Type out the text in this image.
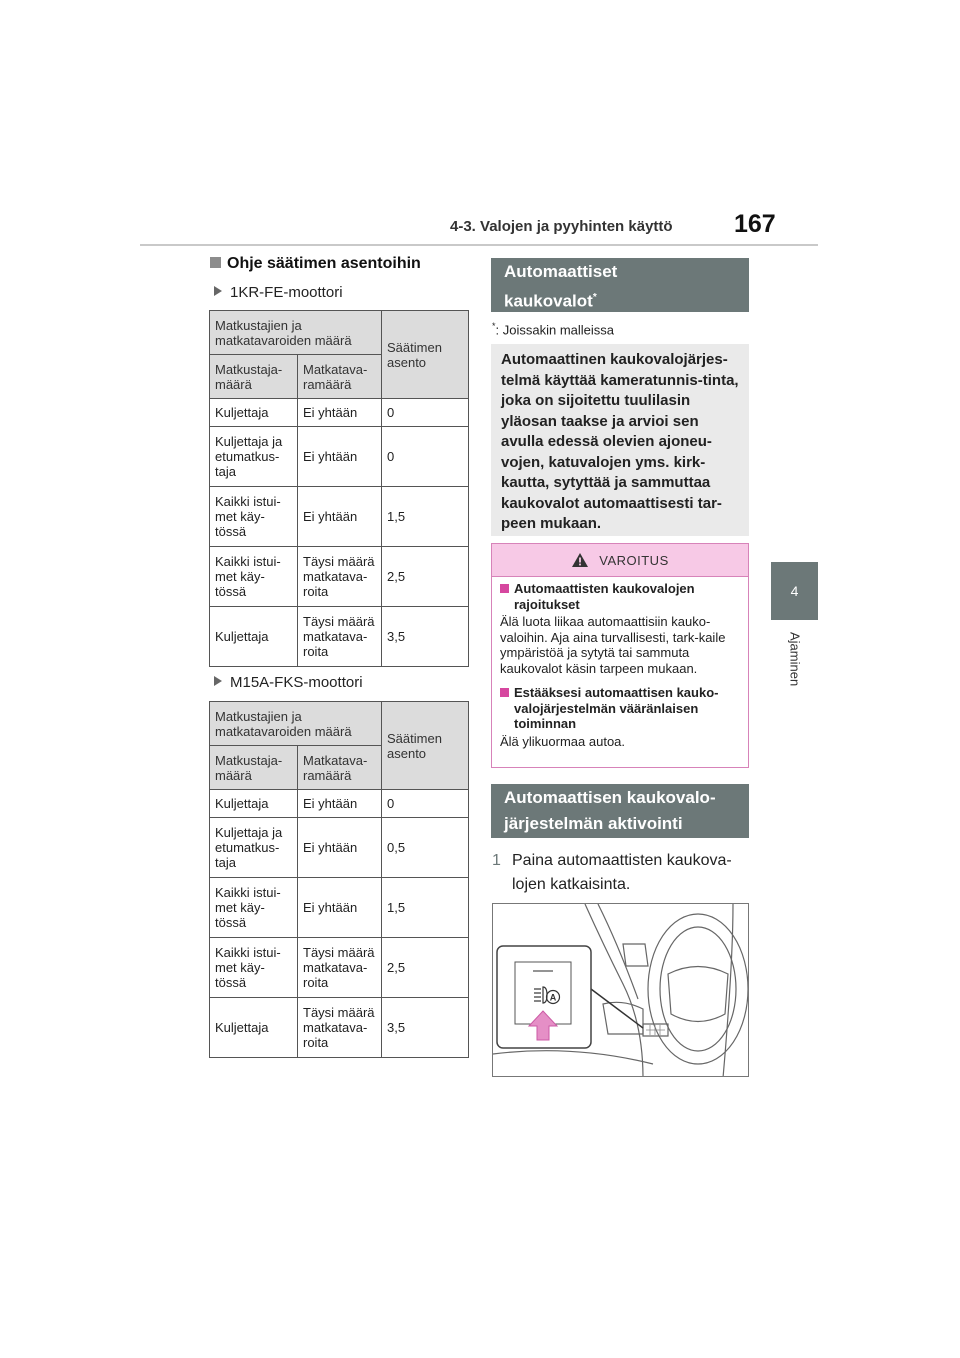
4-3. Valojen ja pyyhinten käyttö 167
4
Ajaminen
Ohje säätimen asentoihin
1KR-FE-moottori
Matkustajien ja matkatavaroiden määrä		Säätimen asento
Matkustaja-määrä	Matkatava-ramäärä	
Kuljettaja	Ei yhtään	0
Kuljettaja ja etumatkus-taja	Ei yhtään	0
Kaikki istui-met käy-tössä	Ei yhtään	1,5
Kaikki istui-met käy-tössä	Täysi määrä matkatava-roita	2,5
Kuljettaja	Täysi määrä matkatava-roita	3,5
M15A-FKS-moottori
Matkustajien ja matkatavaroiden määrä		Säätimen asento
Matkustaja-määrä	Matkatava-ramäärä	
Kuljettaja	Ei yhtään	0
Kuljettaja ja etumatkus-taja	Ei yhtään	0,5
Kaikki istui-met käy-tössä	Ei yhtään	1,5
Kaikki istui-met käy-tössä	Täysi määrä matkatava-roita	2,5
Kuljettaja	Täysi määrä matkatava-roita	3,5
Automaattiset
kaukovalot*
*: Joissakin malleissa
Automaattinen kaukovalojärjes-telmä käyttää kameratunnis-tinta, joka on sijoitettu tuulilasin yläosan taakse ja arvioi sen avulla edessä olevien ajoneu-vojen, katuvalojen yms. kirk-kautta, sytyttää ja sammuttaa kaukovalot automaattisesti tar-peen mukaan.
VAROITUS
Automaattisten kaukovalojen rajoitukset
Älä luota liikaa automaattisiin kauko-valoihin. Aja aina turvallisesti, tark-kaile ympäristöä ja sytytä tai sammuta kaukovalot käsin tarpeen mukaan.
Estääksesi automaattisen kauko-valojärjestelmän vääränlaisen toiminnan
Älä ylikuormaa autoa.
Automaattisen kaukovalo-
järjestelmän aktivointi
1 Paina automaattisten kaukova-
lojen katkaisinta.
A
